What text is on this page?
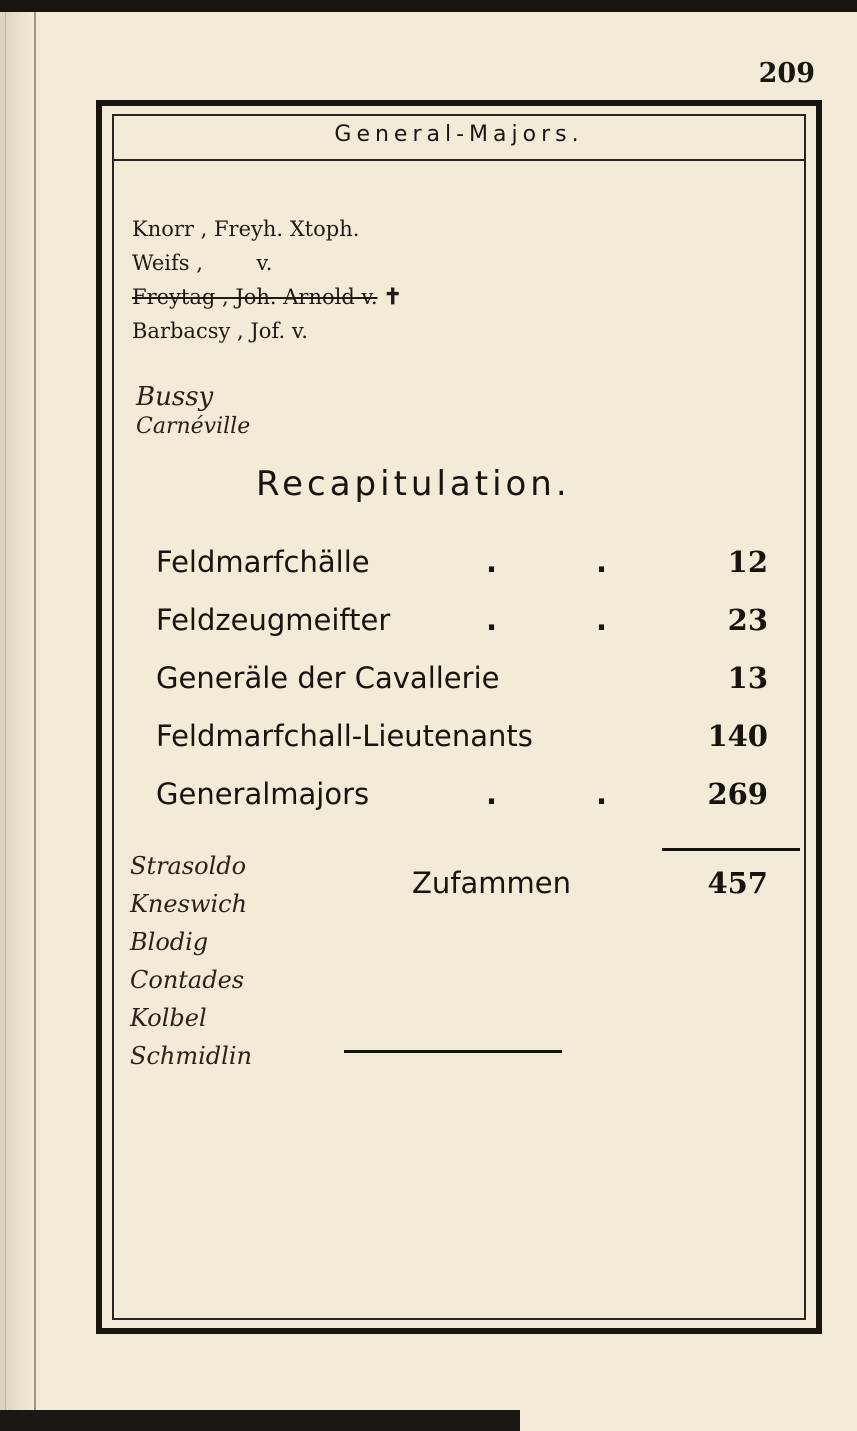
209
General-Majors.
Knorr , Freyh. Xtoph.
Weifs ,        v.
Freytag , Joh. Arnold v. ✝
Barbacsy , Jof. v.
Bussy
Carnéville
Recapitulation.
Feldmarfchälle	.	.	12
Feldzeugmeifter	.	.	23
Generäle der Cavallerie	13
Feldmarfchall-Lieutenants	140
Generalmajors	.	.	269
Zufammen	457
Strasoldo
Kneswich
Blodig
Contades
Kolbel
Schmidlin
